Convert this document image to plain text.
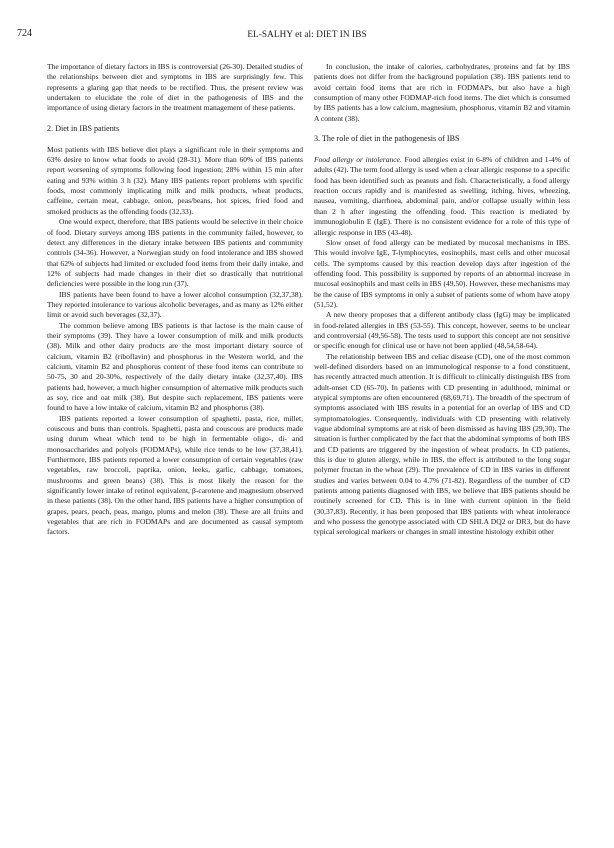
724	EL-SALHY et al: DIET IN IBS

The importance of dietary factors in IBS is controversial (26-30). Detailed studies of the relationships between diet and symptoms in IBS are surprisingly few. This represents a glaring gap that needs to be rectified. Thus, the present review was undertaken to elucidate the role of diet in the pathogenesis of IBS and the importance of using dietary factors in the treatment management of these patients.

2. Diet in IBS patients

Most patients with IBS believe diet plays a significant role in their symptoms and 63% desire to know what foods to avoid (28-31). More than 60% of IBS patients report worsening of symptoms following food ingestion; 28% within 15 min after eating and 93% within 3 h (32). Many IBS patients report problems with specific foods, most commonly implicating milk and milk products, wheat products, caffeine, certain meat, cabbage, onion, peas/beans, hot spices, fried food and smoked products as the offending foods (32,33).

One would expect, therefore, that IBS patients would be selective in their choice of food. Dietary surveys among IBS patients in the community failed, however, to detect any differences in the dietary intake between IBS patients and community controls (34-36). However, a Norwegian study on food intolerance and IBS showed that 62% of subjects had limited or excluded food items from their daily intake, and 12% of subjects had made changes in their diet so drastically that nutritional deficiencies were possible in the long run (37).

IBS patients have been found to have a lower alcohol consumption (32,37,38). They reported intolerance to various alcoholic beverages, and as many as 12% either limit or avoid such beverages (32,37).

The common believe among IBS patients is that lactose is the main cause of their symptoms (39). They have a lower consumption of milk and milk products (38). Milk and other dairy products are the most important dietary source of calcium, vitamin B2 (riboflavin) and phosphorus in the Western world, and the calcium, vitamin B2 and phosphorus content of these food items can contribute to 50-75, 30 and 20-30%, respectively of the daily dietary intake (32,37,40). IBS patients had, however, a much higher consumption of alternative milk products such as soy, rice and oat milk (38). But despite such replacement, IBS patients were found to have a low intake of calcium, vitamin B2 and phosphorus (38).

IBS patients reported a lower consumption of spaghetti, pasta, rice, millet, couscous and buns than controls. Spaghetti, pasta and couscous are products made using durum wheat which tend to be high in fermentable oligo-, di- and monosaccharides and polyols (FODMAPs), while rice tends to be low (37,38,41). Furthermore, IBS patients reported a lower consumption of certain vegetables (raw vegetables, raw broccoli, paprika, onion, leeks, garlic, cabbage, tomatoes, mushrooms and green beans) (38). This is most likely the reason for the significantly lower intake of retinol equivalent, β-carotene and magnesium observed in these patients (38). On the other hand, IBS patients have a higher consumption of grapes, pears, peach, peas, mango, plums and melon (38). These are all fruits and vegetables that are rich in FODMAPs and are documented as causal symptom factors.

In conclusion, the intake of calories, carbohydrates, proteins and fat by IBS patients does not differ from the background population (38). IBS patients tend to avoid certain food items that are rich in FODMAPs, but also have a high consumption of many other FODMAP-rich food items. The diet which is consumed by IBS patients has a low calcium, magnesium, phosphorus, vitamin B2 and vitamin A content (38).

3. The role of diet in the pathogenesis of IBS

Food allergy or intolerance. Food allergies exist in 6-8% of children and 1-4% of adults (42). The term food allergy is used when a clear allergic response to a specific food has been identified such as peanuts and fish. Characteristically, a food allergy reaction occurs rapidly and is manifested as swelling, itching, hives, wheezing, nausea, vomiting, diarrhoea, abdominal pain, and/or collapse usually within less than 2 h after ingesting the offending food. This reaction is mediated by immunoglobulin E (IgE). There is no consistent evidence for a role of this type of allergic response in IBS (43-48).

Slow onset of food allergy can be mediated by mucosal mechanisms in IBS. This would involve IgE, T-lymphocytes, eosinophils, mast cells and other mucosal cells. The symptoms caused by this reaction develop days after ingestion of the offending food. This possibility is supported by reports of an abnormal increase in mucosal eosinophils and mast cells in IBS (49,50). However, these mechanisms may be the cause of IBS symptoms in only a subset of patients some of whom have atopy (51,52).

A new theory proposes that a different antibody class (IgG) may be implicated in food-related allergies in IBS (53-55). This concept, however, seems to be unclear and controversial (49,56-58). The tests used to support this concept are not sensitive or specific enough for clinical use or have not been applied (48,54,58-64).

The relationship between IBS and celiac disease (CD), one of the most common well-defined disorders based on an immunological response to a food constituent, has recently attracted much attention. It is difficult to clinically distinguish IBS from adult-onset CD (65-70). In patients with CD presenting in adulthood, minimal or atypical symptoms are often encountered (68,69,71). The breadth of the spectrum of symptoms associated with IBS results in a potential for an overlap of IBS and CD symptomatologies. Consequently, individuals with CD presenting with relatively vague abdominal symptoms are at risk of been dismissed as having IBS (29,30). The situation is further complicated by the fact that the abdominal symptoms of both IBS and CD patients are triggered by the ingestion of wheat products. In CD patients, this is due to gluten allergy, while in IBS, the effect is attributed to the long sugar polymer fructan in the wheat (29). The prevalence of CD in IBS varies in different studies and varies between 0.04 to 4.7% (71-82). Regardless of the number of CD patients among patients diagnosed with IBS, we believe that IBS patients should be routinely screened for CD. This is in line with current opinion in the field (30,37,83). Recently, it has been proposed that IBS patients with wheat intolerance and who possess the genotype associated with CD SHLA DQ2 or DR3, but do have typical serological markers or changes in small intestine histology exhibit other
